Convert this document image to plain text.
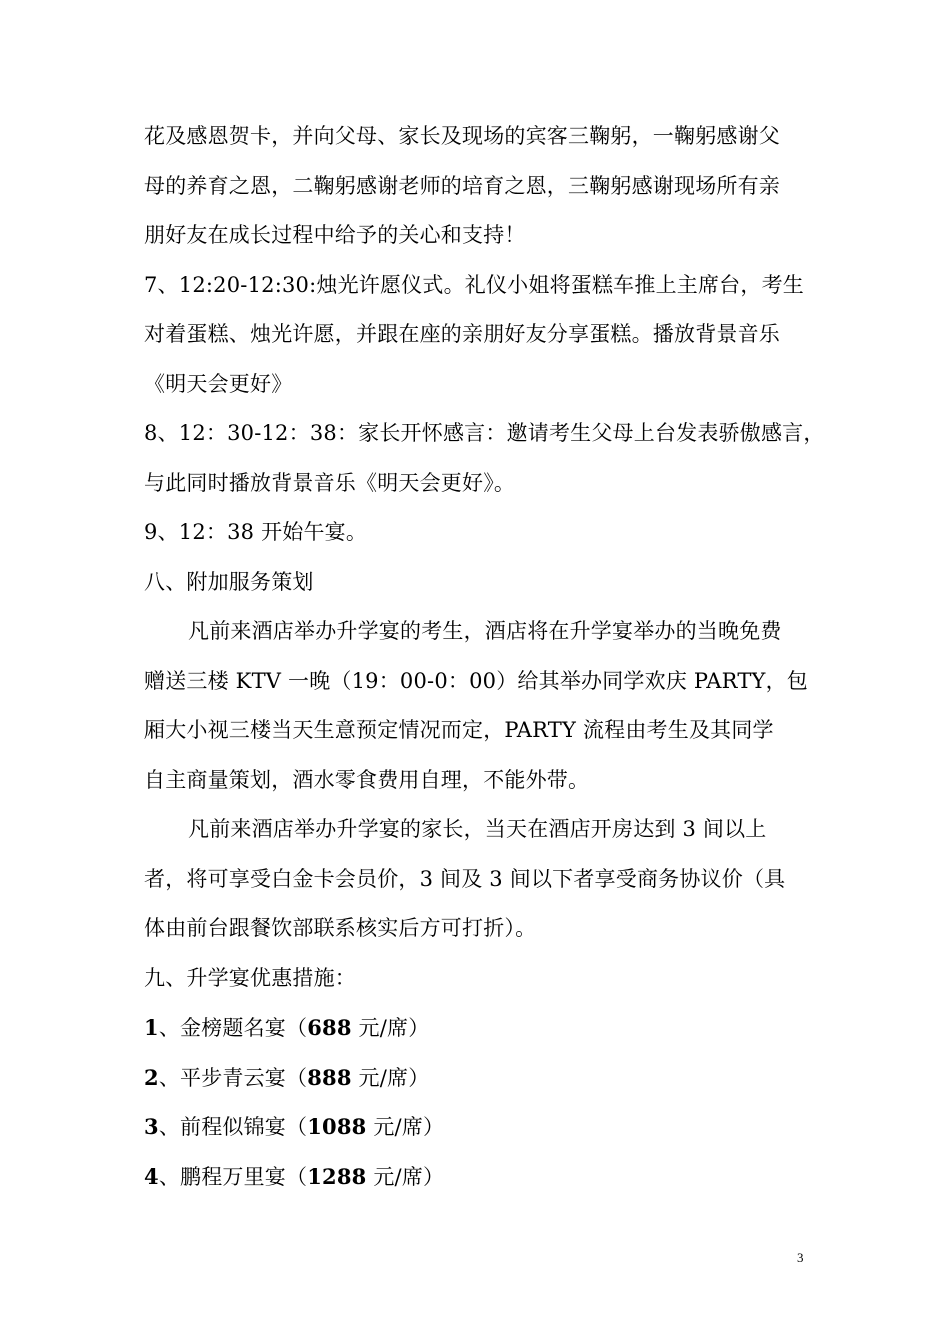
花及感恩贺卡，并向父母、家长及现场的宾客三鞠躬，一鞠躬感谢父
母的养育之恩，二鞠躬感谢老师的培育之恩，三鞠躬感谢现场所有亲
朋好友在成长过程中给予的关心和支持！
7、12:20-12:30:烛光许愿仪式。礼仪小姐将蛋糕车推上主席台，考生
对着蛋糕、烛光许愿，并跟在座的亲朋好友分享蛋糕。播放背景音乐
《明天会更好》
8、12：30-12：38：家长开怀感言：邀请考生父母上台发表骄傲感言，
与此同时播放背景音乐《明天会更好》。
9、12：38 开始午宴。
八、附加服务策划
凡前来酒店举办升学宴的考生，酒店将在升学宴举办的当晚免费
赠送三楼 KTV 一晚（19：00-0：00）给其举办同学欢庆 PARTY，包
厢大小视三楼当天生意预定情况而定，PARTY 流程由考生及其同学
自主商量策划，酒水零食费用自理，不能外带。
凡前来酒店举办升学宴的家长，当天在酒店开房达到 3 间以上
者，将可享受白金卡会员价，3 间及 3 间以下者享受商务协议价（具
体由前台跟餐饮部联系核实后方可打折）。
九、升学宴优惠措施：
1、金榜题名宴（688 元/席）
2、平步青云宴（888 元/席）
3、前程似锦宴（1088 元/席）
4、鹏程万里宴（1288 元/席）
3
